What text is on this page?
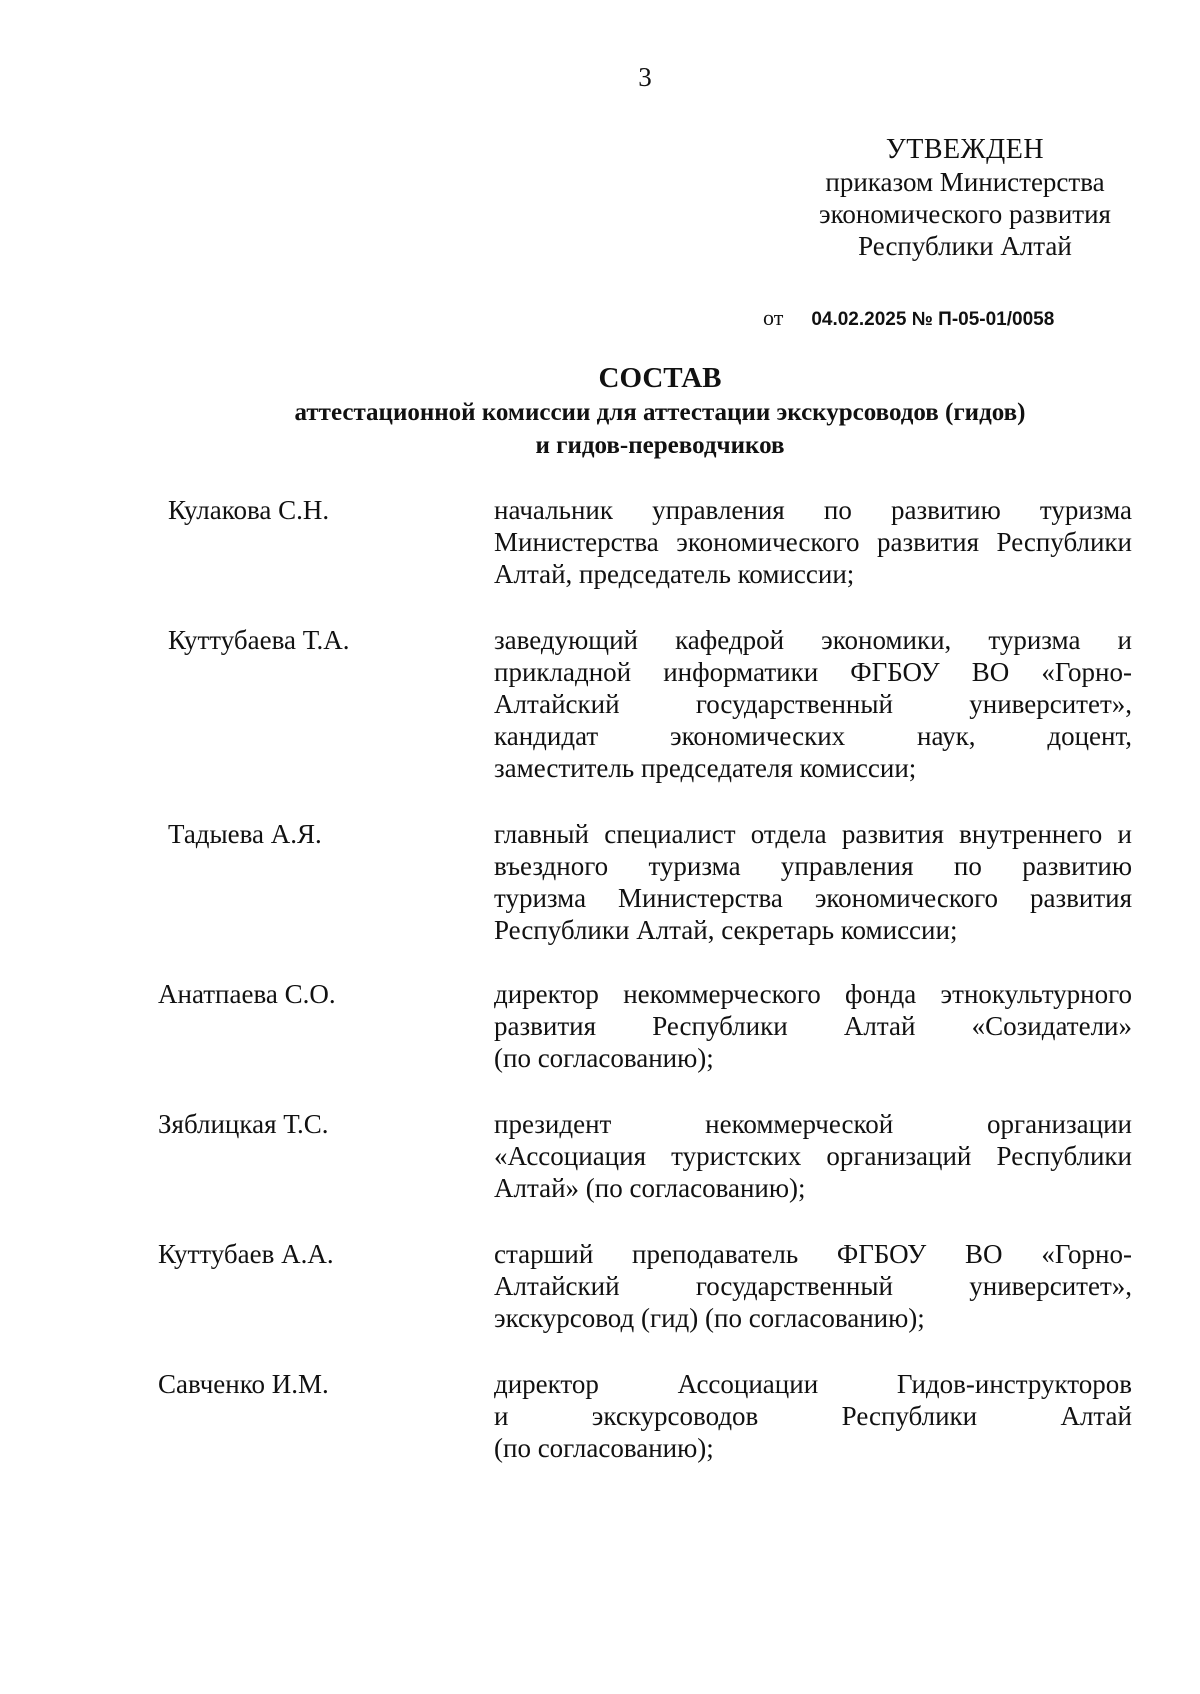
3
УТВЕЖДЕН
приказом Министерства
экономического развития
Республики Алтай
от 04.02.2025 № П-05-01/0058
СОСТАВ
аттестационной комиссии для аттестации экскурсоводов (гидов)
и гидов-переводчиков
Кулакова С.Н.	начальник управления по развитию туризма
Министерства экономического развития Республики
Алтай, председатель комиссии;
Куттубаева Т.А.	заведующий кафедрой экономики, туризма и
прикладной информатики ФГБОУ ВО «Горно-
Алтайский государственный университет»,
кандидат экономических наук, доцент,
заместитель председателя комиссии;
Тадыева А.Я.	главный специалист отдела развития внутреннего и
въездного туризма управления по развитию
туризма Министерства экономического развития
Республики Алтай, секретарь комиссии;
Анатпаева С.О.	директор некоммерческого фонда этнокультурного
развития Республики Алтай «Созидатели»
(по согласованию);
Зяблицкая Т.С.	президент некоммерческой организации
«Ассоциация туристских организаций Республики
Алтай» (по согласованию);
Куттубаев А.А.	старший преподаватель ФГБОУ ВО «Горно-
Алтайский государственный университет»,
экскурсовод (гид) (по согласованию);
Савченко И.М.	директор Ассоциации Гидов-инструкторов
и экскурсоводов Республики Алтай
(по согласованию);
